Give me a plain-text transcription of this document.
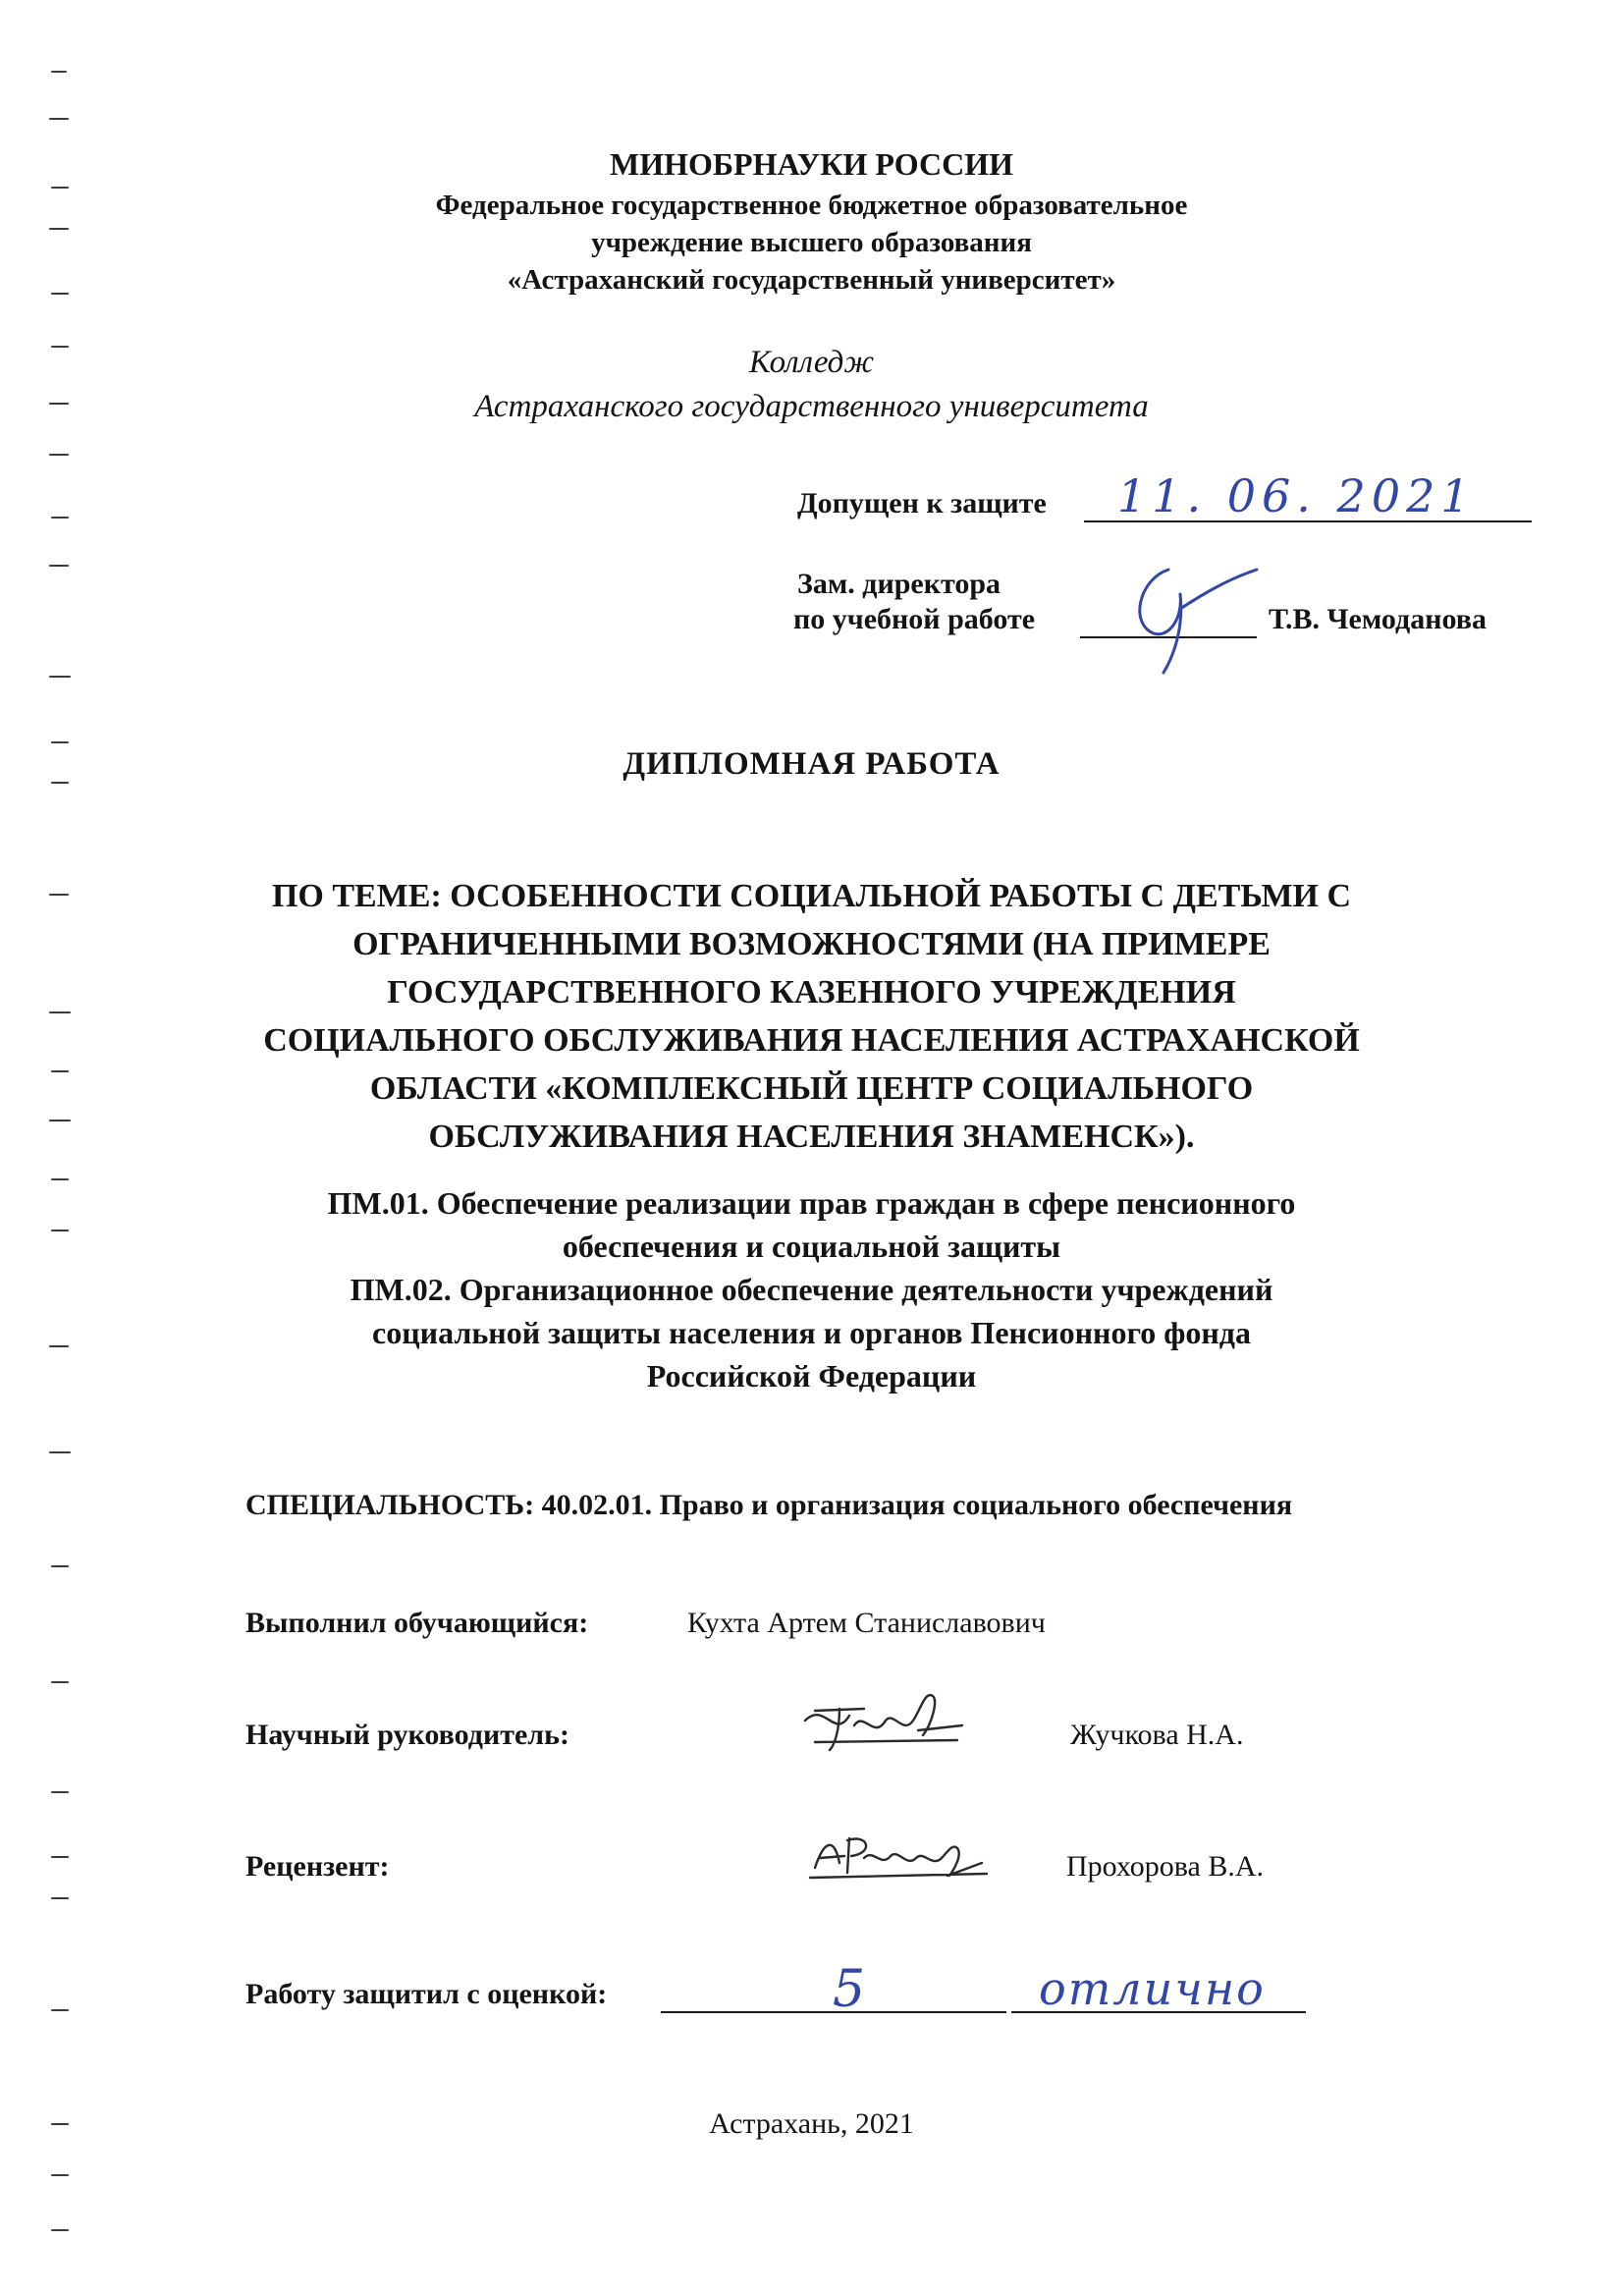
МИНОБРНАУКИ РОССИИ
Федеральное государственное бюджетное образовательное
учреждение высшего образования
«Астраханский государственный университет»
Колледж
Астраханского государственного университета
Допущен к защите 11. 06. 2021
Зам. директора
по учебной работе	Т.В. Чемоданова
ДИПЛОМНАЯ РАБОТА
ПО ТЕМЕ: ОСОБЕННОСТИ СОЦИАЛЬНОЙ РАБОТЫ С ДЕТЬМИ С
ОГРАНИЧЕННЫМИ ВОЗМОЖНОСТЯМИ (НА ПРИМЕРЕ
ГОСУДАРСТВЕННОГО КАЗЕННОГО УЧРЕЖДЕНИЯ
СОЦИАЛЬНОГО ОБСЛУЖИВАНИЯ НАСЕЛЕНИЯ АСТРАХАНСКОЙ
ОБЛАСТИ «КОМПЛЕКСНЫЙ ЦЕНТР СОЦИАЛЬНОГО
ОБСЛУЖИВАНИЯ НАСЕЛЕНИЯ ЗНАМЕНСК»).
ПМ.01. Обеспечение реализации прав граждан в сфере пенсионного
обеспечения и социальной защиты
ПМ.02. Организационное обеспечение деятельности учреждений
социальной защиты населения и органов Пенсионного фонда
Российской Федерации
СПЕЦИАЛЬНОСТЬ: 40.02.01. Право и организация социального обеспечения
Выполнил обучающийся:	Кухта Артем Станиславович
Научный руководитель:	Жучкова Н.А.
Рецензент:	Прохорова В.А.
Работу защитил с оценкой:	5	отлично
Астрахань, 2021
